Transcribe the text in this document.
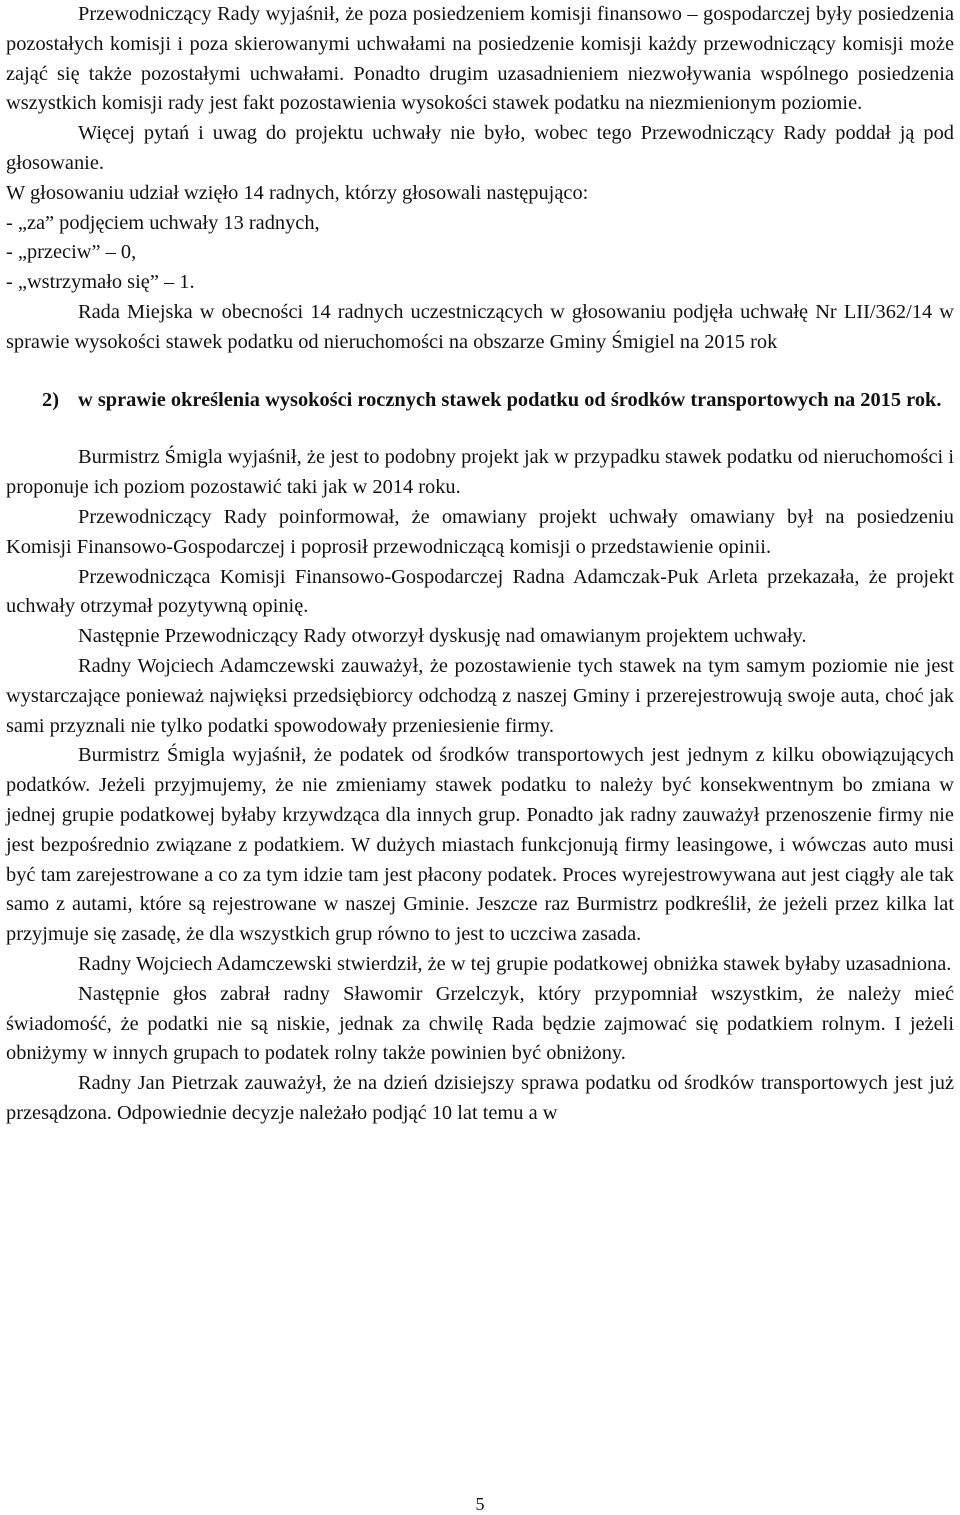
Przewodniczący Rady wyjaśnił, że poza posiedzeniem komisji finansowo – gospodarczej były posiedzenia pozostałych komisji i poza skierowanymi uchwałami na posiedzenie komisji każdy przewodniczący komisji może zająć się także pozostałymi uchwałami. Ponadto drugim uzasadnieniem niezwoływania wspólnego posiedzenia wszystkich komisji rady jest fakt pozostawienia wysokości stawek podatku na niezmienionym poziomie.

Więcej pytań i uwag do projektu uchwały nie było, wobec tego Przewodniczący Rady poddał ją pod głosowanie.

W głosowaniu udział wzięło 14 radnych, którzy głosowali następująco:

- „za” podjęciem uchwały 13 radnych,

- „przeciw” – 0,

- „wstrzymało się” – 1.

Rada Miejska w obecności 14 radnych uczestniczących w głosowaniu podjęła uchwałę Nr LII/362/14 w sprawie wysokości stawek podatku od nieruchomości na obszarze Gminy Śmigiel na 2015 rok

2) w sprawie określenia wysokości rocznych stawek podatku od środków transportowych na 2015 rok.

Burmistrz Śmigla wyjaśnił, że jest to podobny projekt jak w przypadku stawek podatku od nieruchomości i proponuje ich poziom pozostawić taki jak w 2014 roku.

Przewodniczący Rady poinformował, że omawiany projekt uchwały omawiany był na posiedzeniu Komisji Finansowo-Gospodarczej i poprosił przewodniczącą komisji o przedstawienie opinii.

Przewodnicząca Komisji Finansowo-Gospodarczej Radna Adamczak-Puk Arleta przekazała, że projekt uchwały otrzymał pozytywną opinię.

Następnie Przewodniczący Rady otworzył dyskusję nad omawianym projektem uchwały.

Radny Wojciech Adamczewski zauważył, że pozostawienie tych stawek na tym samym poziomie nie jest wystarczające ponieważ najwięksi przedsiębiorcy odchodzą z naszej Gminy i przerejestrowują swoje auta, choć jak sami przyznali nie tylko podatki spowodowały przeniesienie firmy.

Burmistrz Śmigla wyjaśnił, że podatek od środków transportowych jest jednym z kilku obowiązujących podatków. Jeżeli przyjmujemy, że nie zmieniamy stawek podatku to należy być konsekwentnym bo zmiana w jednej grupie podatkowej byłaby krzywdząca dla innych grup. Ponadto jak radny zauważył przenoszenie firmy nie jest bezpośrednio związane z podatkiem. W dużych miastach funkcjonują firmy leasingowe, i wówczas auto musi być tam zarejestrowane a co za tym idzie tam jest płacony podatek. Proces wyrejestrowywana aut jest ciągły ale tak samo z autami, które są rejestrowane w naszej Gminie. Jeszcze raz Burmistrz podkreślił, że jeżeli przez kilka lat przyjmuje się zasadę, że dla wszystkich grup równo to jest to uczciwa zasada.

Radny Wojciech Adamczewski stwierdził, że w tej grupie podatkowej obniżka stawek byłaby uzasadniona.

Następnie głos zabrał radny Sławomir Grzelczyk, który przypomniał wszystkim, że należy mieć świadomość, że podatki nie są niskie, jednak za chwilę Rada będzie zajmować się podatkiem rolnym. I jeżeli obniżymy w innych grupach to podatek rolny także powinien być obniżony.

Radny Jan Pietrzak zauważył, że na dzień dzisiejszy sprawa podatku od środków transportowych jest już przesądzona. Odpowiednie decyzje należało podjąć 10 lat temu a w

5
